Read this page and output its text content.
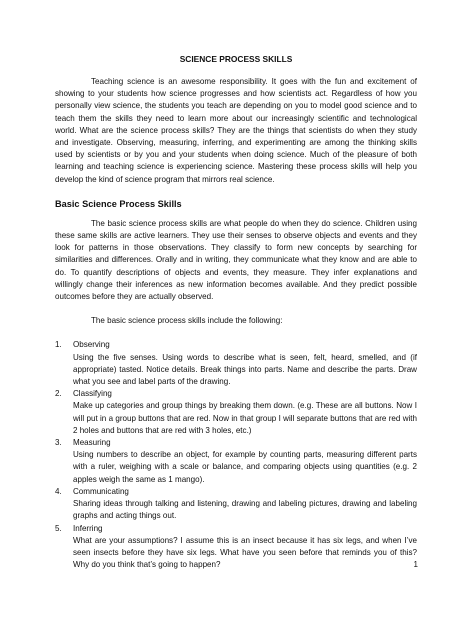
SCIENCE PROCESS SKILLS

Teaching science is an awesome responsibility. It goes with the fun and excitement of showing to your students how science progresses and how scientists act. Regardless of how you personally view science, the students you teach are depending on you to model good science and to teach them the skills they need to learn more about our increasingly scientific and technological world. What are the science process skills? They are the things that scientists do when they study and investigate. Observing, measuring, inferring, and experimenting are among the thinking skills used by scientists or by you and your students when doing science. Much of the pleasure of both learning and teaching science is experiencing science. Mastering these process skills will help you develop the kind of science program that mirrors real science.

Basic Science Process Skills

The basic science process skills are what people do when they do science. Children using these same skills are active learners. They use their senses to observe objects and events and they look for patterns in those observations. They classify to form new concepts by searching for similarities and differences. Orally and in writing, they communicate what they know and are able to do. To quantify descriptions of objects and events, they measure. They infer explanations and willingly change their inferences as new information becomes available. And they predict possible outcomes before they are actually observed.

The basic science process skills include the following:

1. Observing
Using the five senses. Using words to describe what is seen, felt, heard, smelled, and (if appropriate) tasted. Notice details. Break things into parts. Name and describe the parts. Draw what you see and label parts of the drawing.
2. Classifying
Make up categories and group things by breaking them down. (e.g. These are all buttons. Now I will put in a group buttons that are red. Now in that group I will separate buttons that are red with 2 holes and buttons that are red with 3 holes, etc.)
3. Measuring
Using numbers to describe an object, for example by counting parts, measuring different parts with a ruler, weighing with a scale or balance, and comparing objects using quantities (e.g. 2 apples weigh the same as 1 mango).
4. Communicating
Sharing ideas through talking and listening, drawing and labeling pictures, drawing and labeling graphs and acting things out.
5. Inferring
What are your assumptions? I assume this is an insect because it has six legs, and when I’ve seen insects before they have six legs. What have you seen before that reminds you of this? Why do you think that’s going to happen?	1
